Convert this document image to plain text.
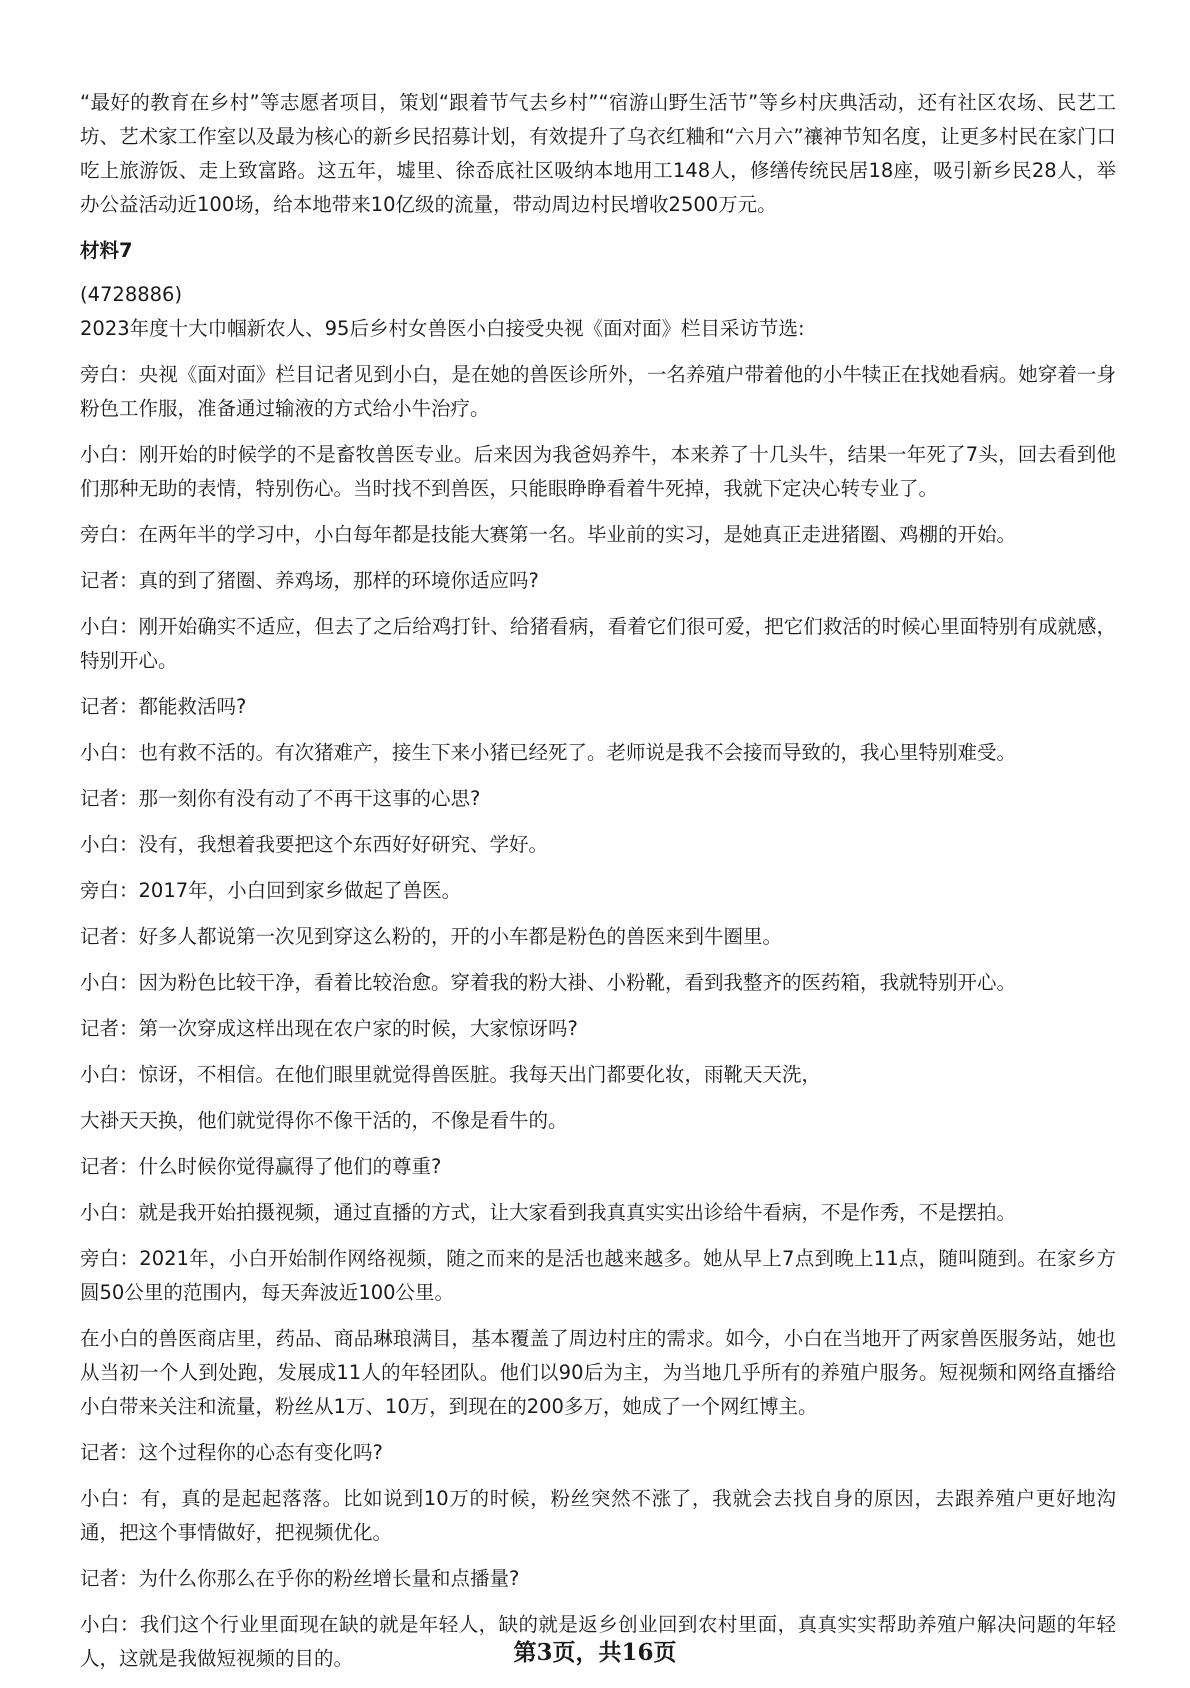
“最好的教育在乡村”等志愿者项目，策划“跟着节气去乡村”“宿游山野生活节”等乡村庆典活动，还有社区农场、民艺工坊、艺术家工作室以及最为核心的新乡民招募计划，有效提升了乌衣红粬和“六月六”禳神节知名度，让更多村民在家门口吃上旅游饭、走上致富路。这五年，墟里、徐岙底社区吸纳本地用工148人，修缮传统民居18座，吸引新乡民28人，举办公益活动近100场，给本地带来10亿级的流量，带动周边村民增收2500万元。

材料7

(4728886)

2023年度十大巾帼新农人、95后乡村女兽医小白接受央视《面对面》栏目采访节选:

旁白：央视《面对面》栏目记者见到小白，是在她的兽医诊所外，一名养殖户带着他的小牛犊正在找她看病。她穿着一身粉色工作服，准备通过输液的方式给小牛治疗。

小白：刚开始的时候学的不是畜牧兽医专业。后来因为我爸妈养牛，本来养了十几头牛，结果一年死了7头，回去看到他们那种无助的表情，特别伤心。当时找不到兽医，只能眼睁睁看着牛死掉，我就下定决心转专业了。

旁白：在两年半的学习中，小白每年都是技能大赛第一名。毕业前的实习，是她真正走进猪圈、鸡棚的开始。

记者：真的到了猪圈、养鸡场，那样的环境你适应吗?

小白：刚开始确实不适应，但去了之后给鸡打针、给猪看病，看着它们很可爱，把它们救活的时候心里面特别有成就感，特别开心。

记者：都能救活吗?

小白：也有救不活的。有次猪难产，接生下来小猪已经死了。老师说是我不会接而导致的，我心里特别难受。

记者：那一刻你有没有动了不再干这事的心思?

小白：没有，我想着我要把这个东西好好研究、学好。

旁白：2017年，小白回到家乡做起了兽医。

记者：好多人都说第一次见到穿这么粉的，开的小车都是粉色的兽医来到牛圈里。

小白：因为粉色比较干净，看着比较治愈。穿着我的粉大褂、小粉靴，看到我整齐的医药箱，我就特别开心。

记者：第一次穿成这样出现在农户家的时候，大家惊讶吗?

小白：惊讶，不相信。在他们眼里就觉得兽医脏。我每天出门都要化妆，雨靴天天洗，

大褂天天换，他们就觉得你不像干活的，不像是看牛的。

记者：什么时候你觉得赢得了他们的尊重?

小白：就是我开始拍摄视频，通过直播的方式，让大家看到我真真实实出诊给牛看病，不是作秀，不是摆拍。

旁白：2021年，小白开始制作网络视频，随之而来的是活也越来越多。她从早上7点到晚上11点，随叫随到。在家乡方圆50公里的范围内，每天奔波近100公里。

在小白的兽医商店里，药品、商品琳琅满目，基本覆盖了周边村庄的需求。如今，小白在当地开了两家兽医服务站，她也从当初一个人到处跑，发展成11人的年轻团队。他们以90后为主，为当地几乎所有的养殖户服务。短视频和网络直播给小白带来关注和流量，粉丝从1万、10万，到现在的200多万，她成了一个网红博主。

记者：这个过程你的心态有变化吗?

小白：有，真的是起起落落。比如说到10万的时候，粉丝突然不涨了，我就会去找自身的原因，去跟养殖户更好地沟通，把这个事情做好，把视频优化。

记者：为什么你那么在乎你的粉丝增长量和点播量?

小白：我们这个行业里面现在缺的就是年轻人，缺的就是返乡创业回到农村里面，真真实实帮助养殖户解决问题的年轻人，这就是我做短视频的目的。	第3页，共16页
